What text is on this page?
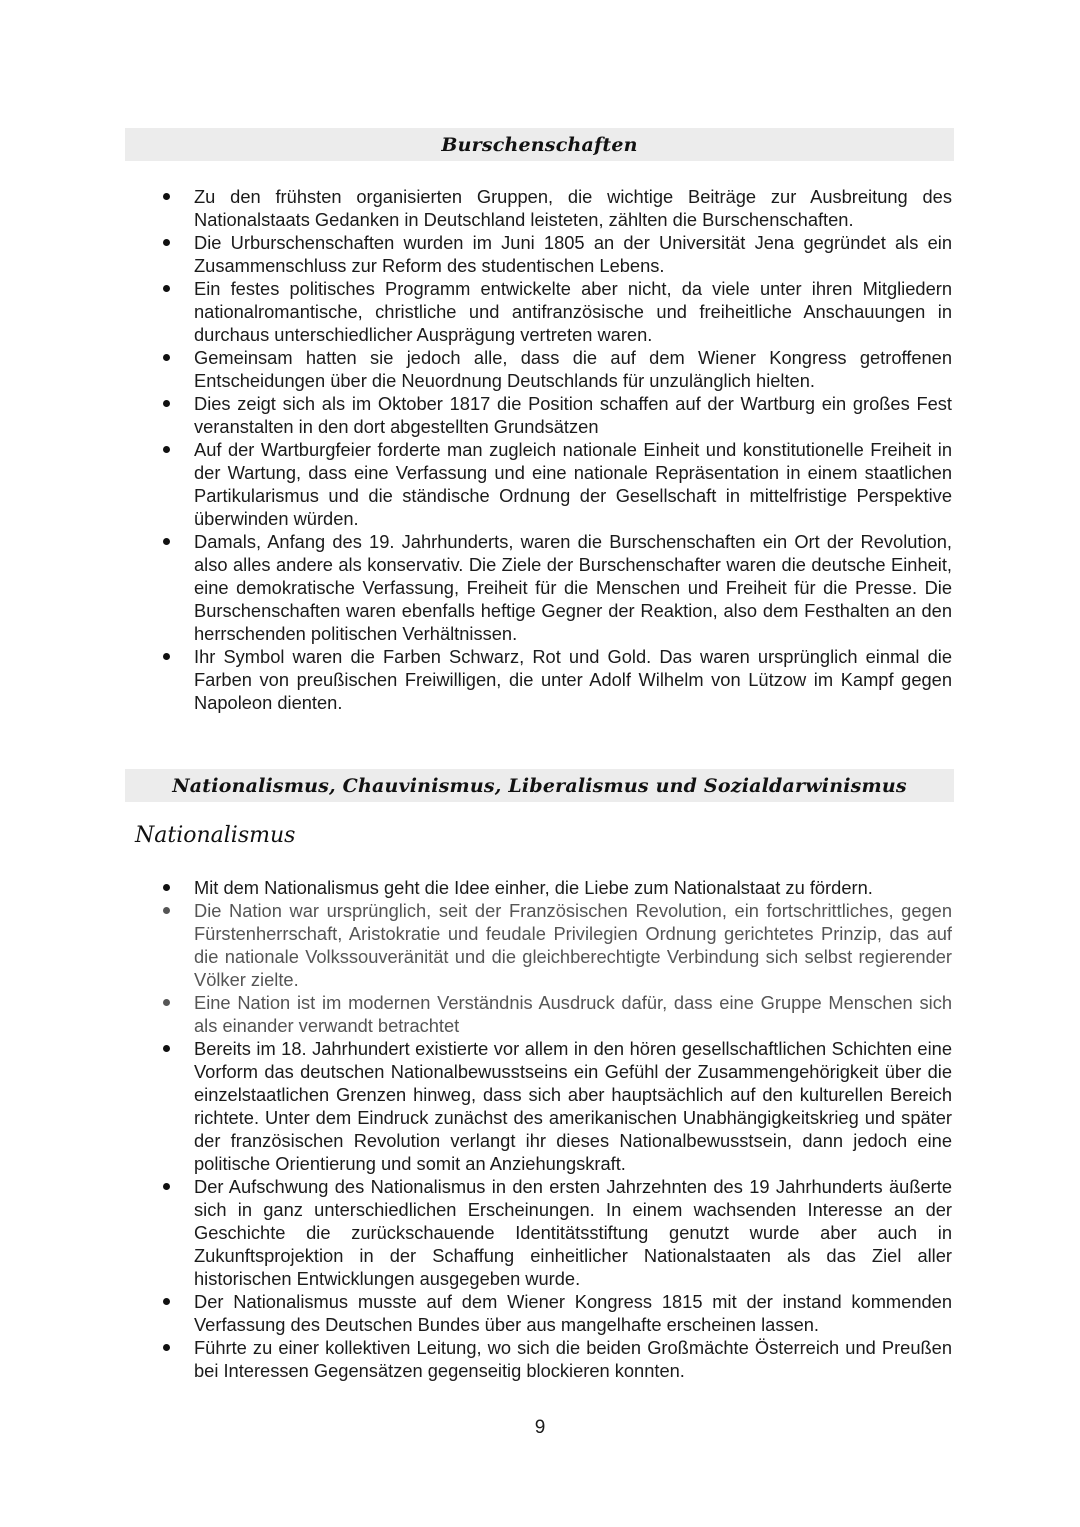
Burschenschaften
Zu den frühsten organisierten Gruppen, die wichtige Beiträge zur Ausbreitung des Nationalstaats Gedanken in Deutschland leisteten, zählten die Burschenschaften.
Die Urburschenschaften wurden im Juni 1805 an der Universität Jena gegründet als ein Zusammenschluss zur Reform des studentischen Lebens.
Ein festes politisches Programm entwickelte aber nicht, da viele unter ihren Mitgliedern nationalromantische, christliche und antifranzösische und freiheitliche Anschauungen in durchaus unterschiedlicher Ausprägung vertreten waren.
Gemeinsam hatten sie jedoch alle, dass die auf dem Wiener Kongress getroffenen Entscheidungen über die Neuordnung Deutschlands für unzulänglich hielten.
Dies zeigt sich als im Oktober 1817 die Position schaffen auf der Wartburg ein großes Fest veranstalten in den dort abgestellten Grundsätzen
Auf der Wartburgfeier forderte man zugleich nationale Einheit und konstitutionelle Freiheit in der Wartung, dass eine Verfassung und eine nationale Repräsentation in einem staatlichen Partikularismus und die ständische Ordnung der Gesellschaft in mittelfristige Perspektive überwinden würden.
Damals, Anfang des 19. Jahrhunderts, waren die Burschenschaften ein Ort der Revolution, also alles andere als konservativ. Die Ziele der Burschenschafter waren die deutsche Einheit, eine demokratische Verfassung, Freiheit für die Menschen und Freiheit für die Presse. Die Burschenschaften waren ebenfalls heftige Gegner der Reaktion, also dem Festhalten an den herrschenden politischen Verhältnissen.
Ihr Symbol waren die Farben Schwarz, Rot und Gold. Das waren ursprünglich einmal die Farben von preußischen Freiwilligen, die unter Adolf Wilhelm von Lützow im Kampf gegen Napoleon dienten.
Nationalismus, Chauvinismus, Liberalismus und Sozialdarwinismus
Nationalismus
Mit dem Nationalismus geht die Idee einher, die Liebe zum Nationalstaat zu fördern.
Die Nation war ursprünglich, seit der Französischen Revolution, ein fortschrittliches, gegen Fürstenherrschaft, Aristokratie und feudale Privilegien Ordnung gerichtetes Prinzip, das auf die nationale Volkssouveränität und die gleichberechtigte Verbindung sich selbst regierender Völker zielte.
Eine Nation ist im modernen Verständnis Ausdruck dafür, dass eine Gruppe Menschen sich als einander verwandt betrachtet
Bereits im 18. Jahrhundert existierte vor allem in den hören gesellschaftlichen Schichten eine Vorform das deutschen Nationalbewusstseins ein Gefühl der Zusammengehörigkeit über die einzelstaatlichen Grenzen hinweg, dass sich aber hauptsächlich auf den kulturellen Bereich richtete. Unter dem Eindruck zunächst des amerikanischen Unabhängigkeitskrieg und später der französischen Revolution verlangt ihr dieses Nationalbewusstsein, dann jedoch eine politische Orientierung und somit an Anziehungskraft.
Der Aufschwung des Nationalismus in den ersten Jahrzehnten des 19 Jahrhunderts äußerte sich in ganz unterschiedlichen Erscheinungen. In einem wachsenden Interesse an der Geschichte die zurückschauende Identitätsstiftung genutzt wurde aber auch in Zukunftsprojektion in der Schaffung einheitlicher Nationalstaaten als das Ziel aller historischen Entwicklungen ausgegeben wurde.
Der Nationalismus musste auf dem Wiener Kongress 1815 mit der instand kommenden Verfassung des Deutschen Bundes über aus mangelhafte erscheinen lassen.
Führte zu einer kollektiven Leitung, wo sich die beiden Großmächte Österreich und Preußen bei Interessen Gegensätzen gegenseitig blockieren konnten.
9
